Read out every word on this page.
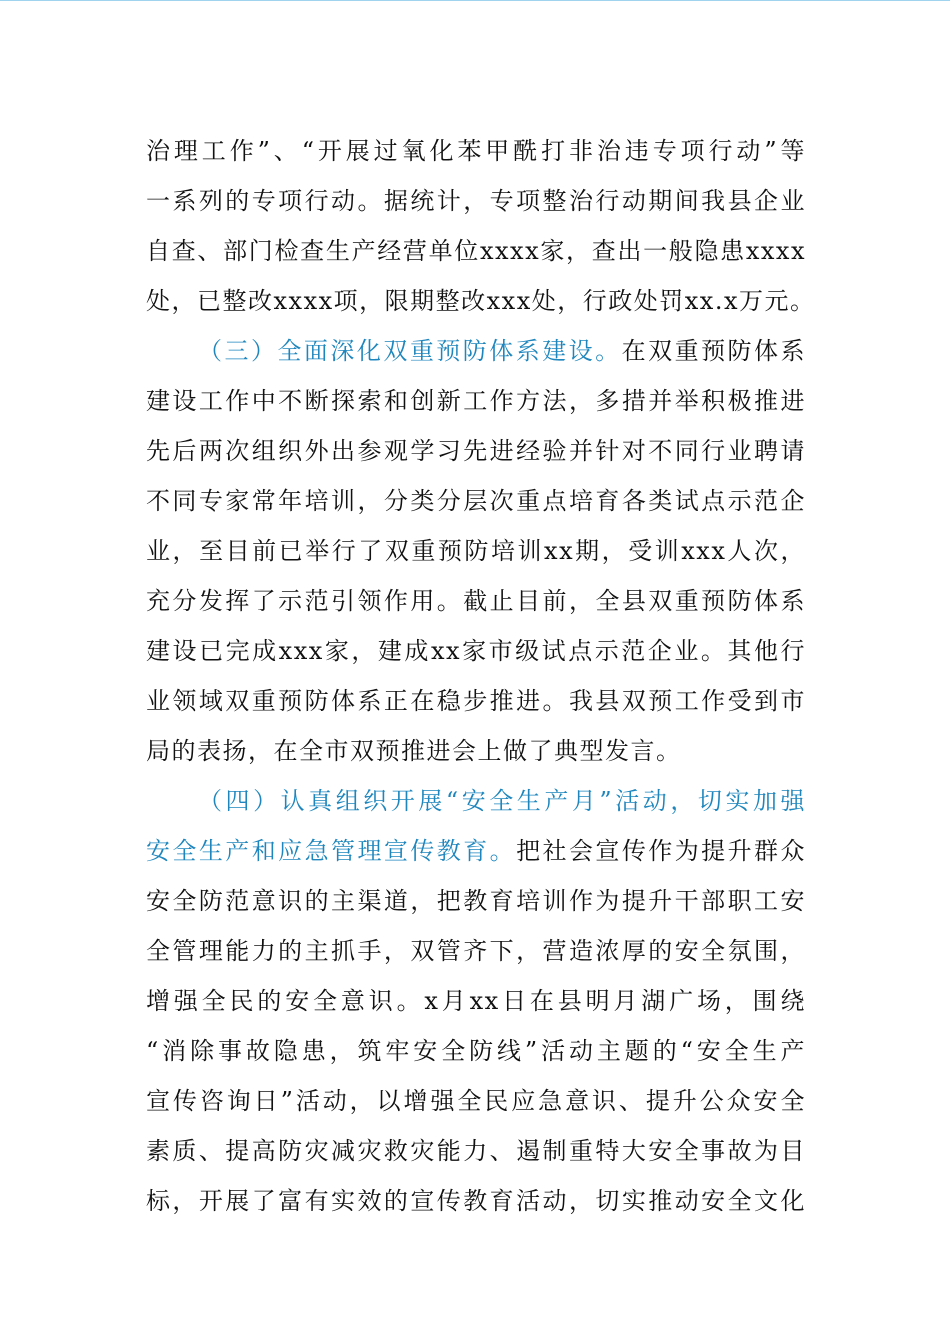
治理工作”、“开展过氧化苯甲酰打非治违专项行动”等
一系列的专项行动。据统计，专项整治行动期间我县企业
自查、部门检查生产经营单位xxxx家，查出一般隐患xxxx
处，已整改xxxx项，限期整改xxx处，行政处罚xx.x万元。
（三）全面深化双重预防体系建设。在双重预防体系
建设工作中不断探索和创新工作方法，多措并举积极推进
先后两次组织外出参观学习先进经验并针对不同行业聘请
不同专家常年培训，分类分层次重点培育各类试点示范企
业，至目前已举行了双重预防培训xx期，受训xxx人次，
充分发挥了示范引领作用。截止目前，全县双重预防体系
建设已完成xxx家，建成xx家市级试点示范企业。其他行
业领域双重预防体系正在稳步推进。我县双预工作受到市
局的表扬，在全市双预推进会上做了典型发言。
（四）认真组织开展“安全生产月”活动，切实加强
安全生产和应急管理宣传教育。把社会宣传作为提升群众
安全防范意识的主渠道，把教育培训作为提升干部职工安
全管理能力的主抓手，双管齐下，营造浓厚的安全氛围，
增强全民的安全意识。x月xx日在县明月湖广场，围绕
“消除事故隐患，筑牢安全防线”活动主题的“安全生产
宣传咨询日”活动，以增强全民应急意识、提升公众安全
素质、提高防灾减灾救灾能力、遏制重特大安全事故为目
标，开展了富有实效的宣传教育活动，切实推动安全文化
